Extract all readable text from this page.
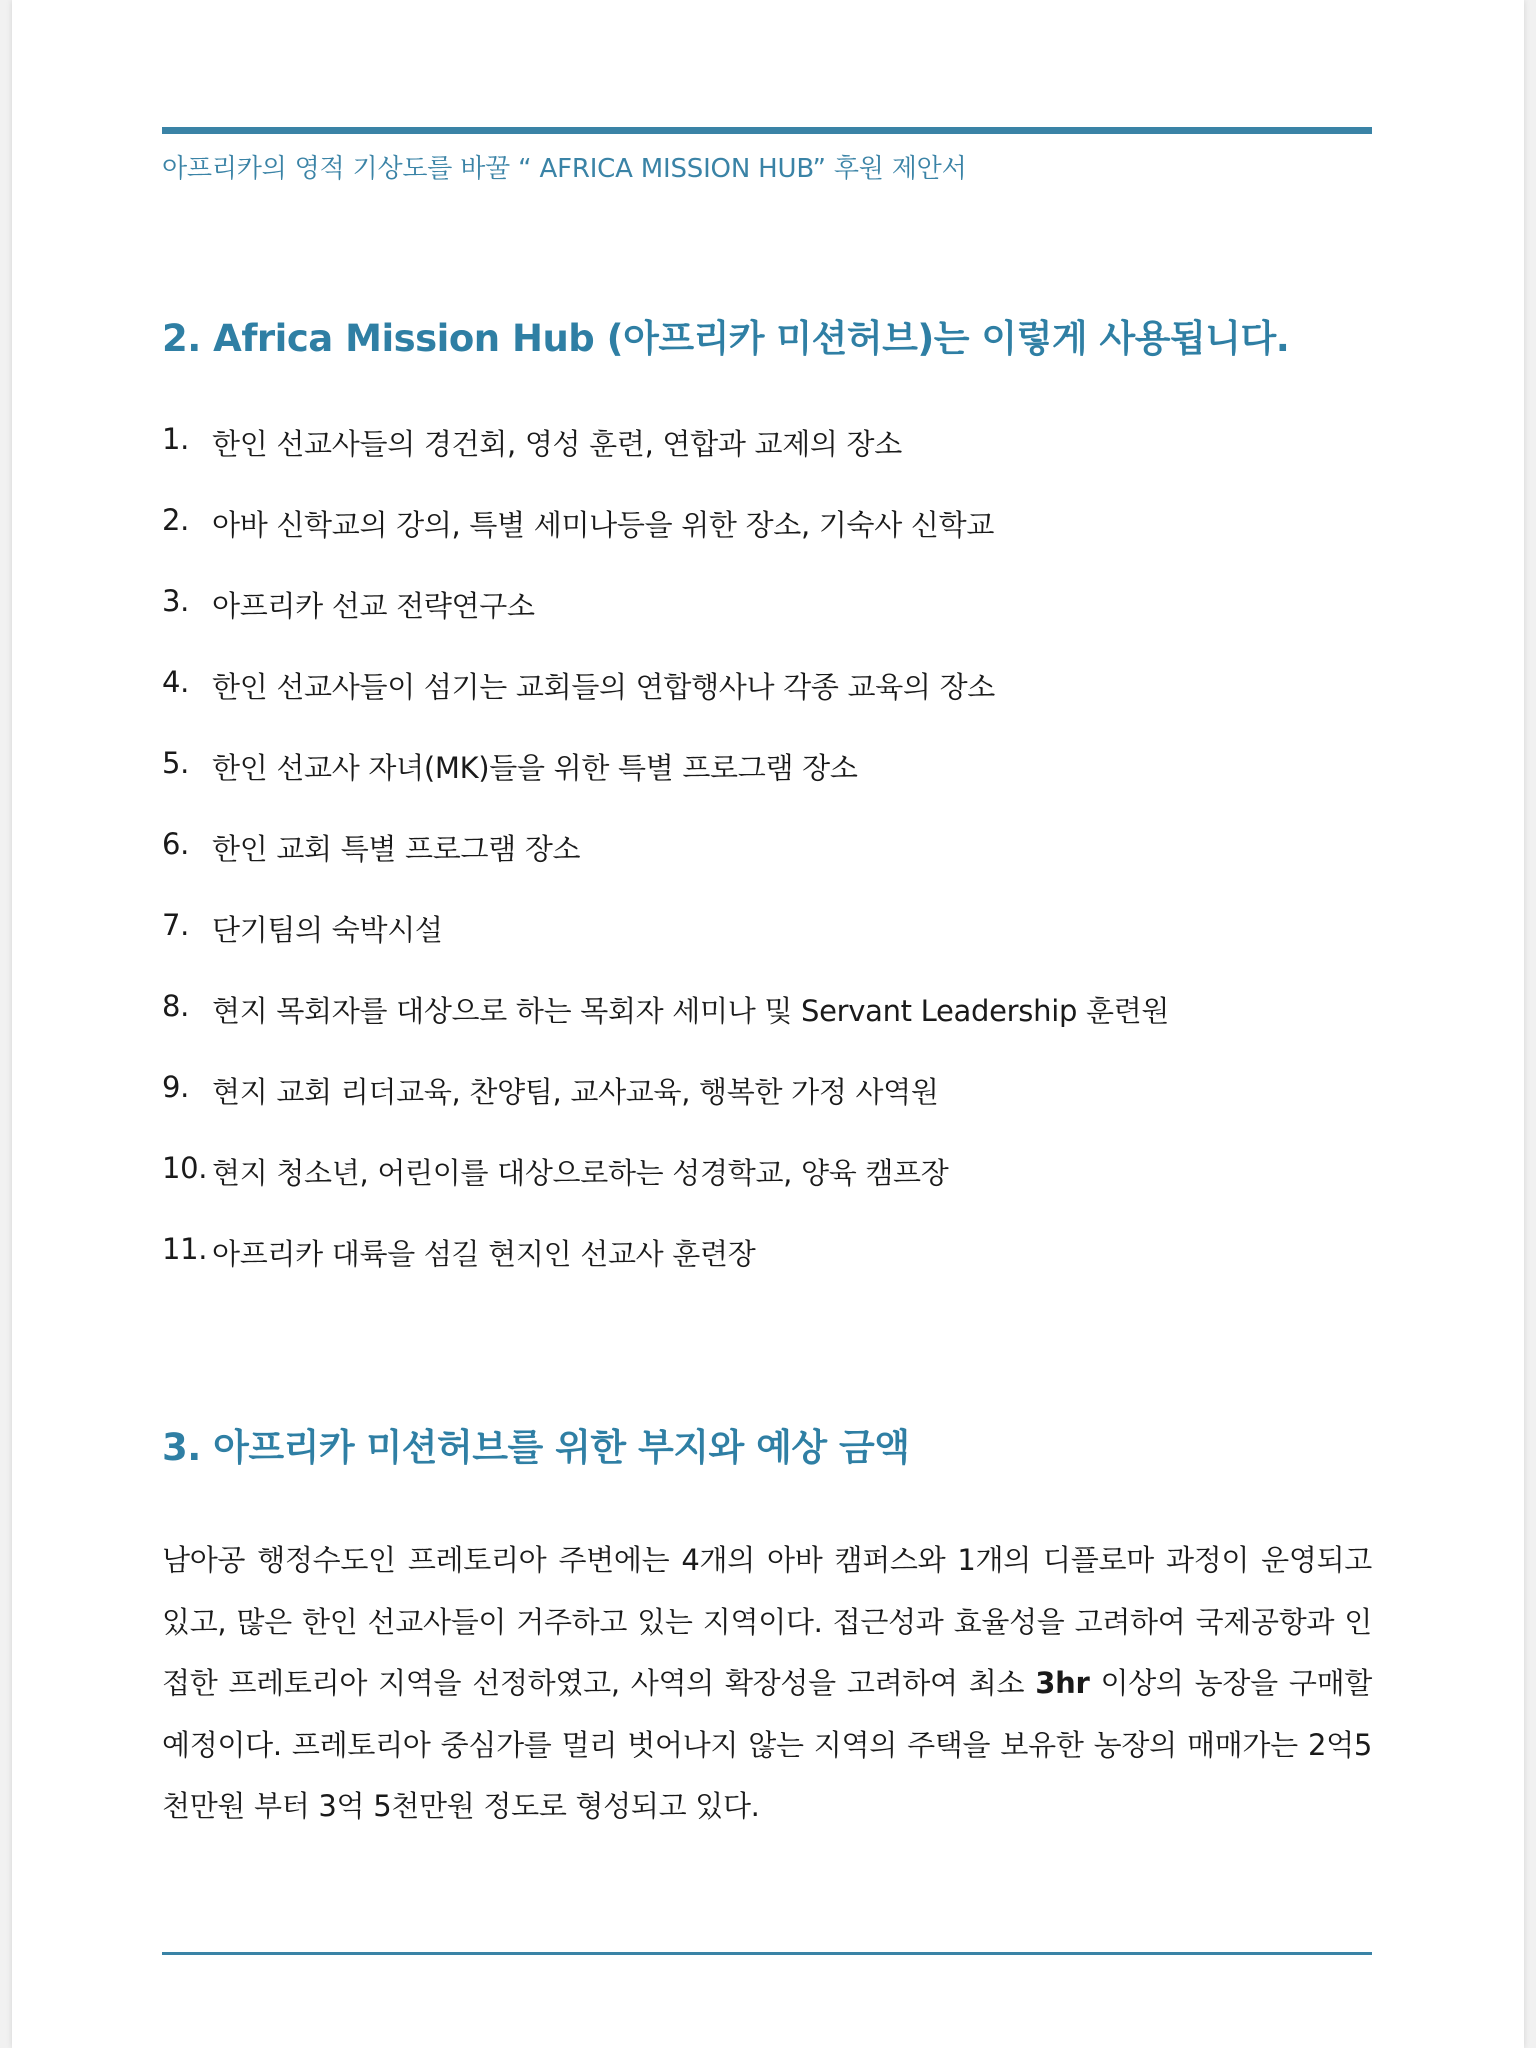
아프리카의 영적 기상도를 바꿀 “ AFRICA MISSION HUB” 후원 제안서
2. Africa Mission Hub (아프리카 미션허브)는 이렇게 사용됩니다.
1. 한인 선교사들의 경건회, 영성 훈련, 연합과 교제의 장소
2. 아바 신학교의 강의, 특별 세미나등을 위한 장소, 기숙사 신학교
3. 아프리카 선교 전략연구소
4. 한인 선교사들이 섬기는 교회들의 연합행사나 각종 교육의 장소
5. 한인 선교사 자녀(MK)들을 위한 특별 프로그램 장소
6. 한인 교회 특별 프로그램 장소
7. 단기팀의 숙박시설
8. 현지 목회자를 대상으로 하는 목회자 세미나 및 Servant Leadership 훈련원
9. 현지 교회 리더교육, 찬양팀, 교사교육, 행복한 가정 사역원
10. 현지 청소년, 어린이를 대상으로하는 성경학교, 양육 캠프장
11. 아프리카 대륙을 섬길 현지인 선교사 훈련장
3. 아프리카 미션허브를 위한 부지와 예상 금액

남아공 행정수도인 프레토리아 주변에는 4개의 아바 캠퍼스와 1개의 디플로마 과정이 운영되고 있고, 많은 한인 선교사들이 거주하고 있는 지역이다. 접근성과 효율성을 고려하여 국제공항과 인접한 프레토리아 지역을 선정하였고, 사역의 확장성을 고려하여 최소 3hr 이상의 농장을 구매할 예정이다. 프레토리아 중심가를 멀리 벗어나지 않는 지역의 주택을 보유한 농장의 매매가는 2억5천만원 부터 3억 5천만원 정도로 형성되고 있다.
